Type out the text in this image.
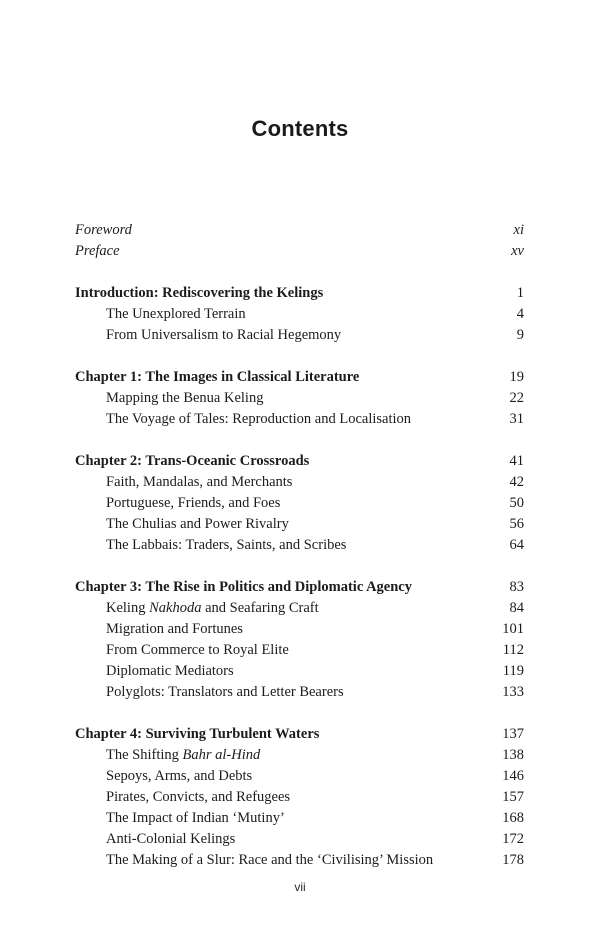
Contents
Foreword	xi
Preface	xv
Introduction: Rediscovering the Kelings	1
The Unexplored Terrain	4
From Universalism to Racial Hegemony	9
Chapter 1: The Images in Classical Literature	19
Mapping the Benua Keling	22
The Voyage of Tales: Reproduction and Localisation	31
Chapter 2: Trans-Oceanic Crossroads	41
Faith, Mandalas, and Merchants	42
Portuguese, Friends, and Foes	50
The Chulias and Power Rivalry	56
The Labbais: Traders, Saints, and Scribes	64
Chapter 3: The Rise in Politics and Diplomatic Agency	83
Keling Nakhoda and Seafaring Craft	84
Migration and Fortunes	101
From Commerce to Royal Elite	112
Diplomatic Mediators	119
Polyglots: Translators and Letter Bearers	133
Chapter 4: Surviving Turbulent Waters	137
The Shifting Bahr al-Hind	138
Sepoys, Arms, and Debts	146
Pirates, Convicts, and Refugees	157
The Impact of Indian ‘Mutiny’	168
Anti-Colonial Kelings	172
The Making of a Slur: Race and the ‘Civilising’ Mission	178
vii
